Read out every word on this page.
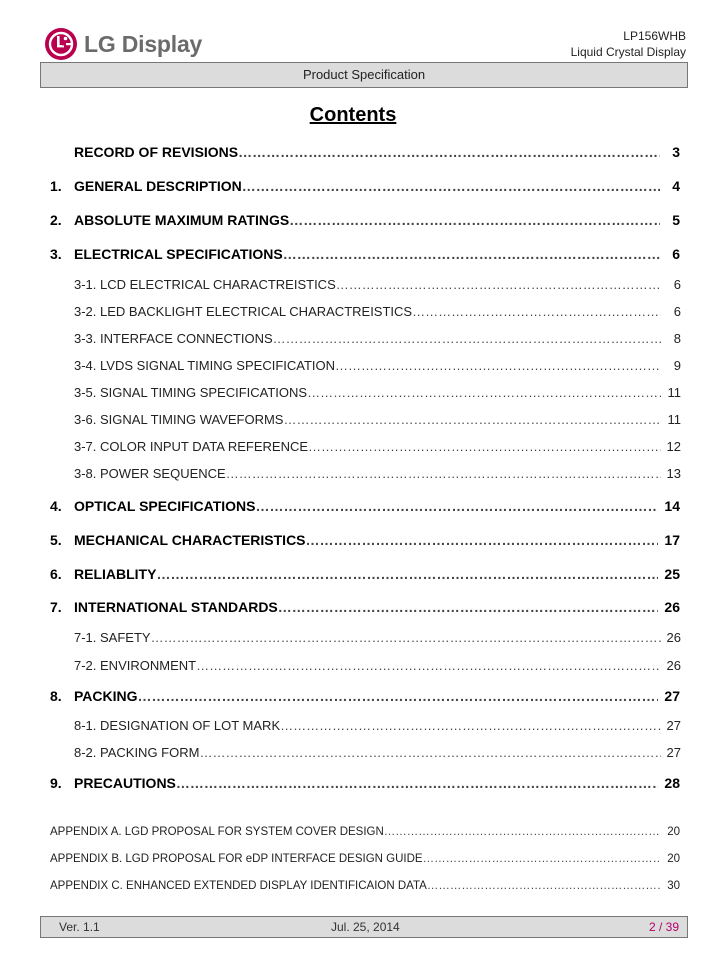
LG Display	LP156WHB
Liquid Crystal Display
Product Specification
Contents
RECORD OF REVISIONS ……………………………………………………………………………………………………………………………………………………………………………………………………………………	3
1. GENERAL DESCRIPTION ……………………………………………………………………………………………………………………………………………………………………………………………………………………	4
2. ABSOLUTE MAXIMUM RATINGS ……………………………………………………………………………………………………………………………………………………………………………………………………………………	5
3. ELECTRICAL SPECIFICATIONS ……………………………………………………………………………………………………………………………………………………………………………………………………………………	6
3-1. LCD ELECTRICAL CHARACTREISTICS ……………………………………………………………………………………………………………………………………………………………………………………………………………………	6
3-2. LED BACKLIGHT ELECTRICAL CHARACTREISTICS ……………………………………………………………………………………………………………………………………………………………………………………………………………………	6
3-3. INTERFACE CONNECTIONS ……………………………………………………………………………………………………………………………………………………………………………………………………………………	8
3-4. LVDS SIGNAL TIMING SPECIFICATION ……………………………………………………………………………………………………………………………………………………………………………………………………………………	9
3-5. SIGNAL TIMING SPECIFICATIONS ……………………………………………………………………………………………………………………………………………………………………………………………………………………	11
3-6. SIGNAL TIMING WAVEFORMS ……………………………………………………………………………………………………………………………………………………………………………………………………………………	11
3-7. COLOR INPUT DATA REFERENCE ……………………………………………………………………………………………………………………………………………………………………………………………………………………	12
3-8. POWER SEQUENCE ……………………………………………………………………………………………………………………………………………………………………………………………………………………	13
4. OPTICAL SPECIFICATIONS ……………………………………………………………………………………………………………………………………………………………………………………………………………………	14
5. MECHANICAL CHARACTERISTICS ……………………………………………………………………………………………………………………………………………………………………………………………………………………	17
6. RELIABLITY ……………………………………………………………………………………………………………………………………………………………………………………………………………………	25
7. INTERNATIONAL STANDARDS ……………………………………………………………………………………………………………………………………………………………………………………………………………………	26
7-1. SAFETY ……………………………………………………………………………………………………………………………………………………………………………………………………………………	26
7-2. ENVIRONMENT ……………………………………………………………………………………………………………………………………………………………………………………………………………………	26
8. PACKING ……………………………………………………………………………………………………………………………………………………………………………………………………………………	27
8-1. DESIGNATION OF LOT MARK ……………………………………………………………………………………………………………………………………………………………………………………………………………………	27
8-2. PACKING FORM ……………………………………………………………………………………………………………………………………………………………………………………………………………………	27
9. PRECAUTIONS ……………………………………………………………………………………………………………………………………………………………………………………………………………………	28
APPENDIX A. LGD PROPOSAL FOR SYSTEM COVER DESIGN ……………………………………………………………………………………………………………………………………………………………………………………………………………………	20
APPENDIX B. LGD PROPOSAL FOR eDP INTERFACE DESIGN GUIDE ……………………………………………………………………………………………………………………………………………………………………………………………………………………	20
APPENDIX C. ENHANCED EXTENDED DISPLAY IDENTIFICAION DATA ……………………………………………………………………………………………………………………………………………………………………………………………………………………	30
Ver. 1.1	Jul. 25, 2014	2 / 39
